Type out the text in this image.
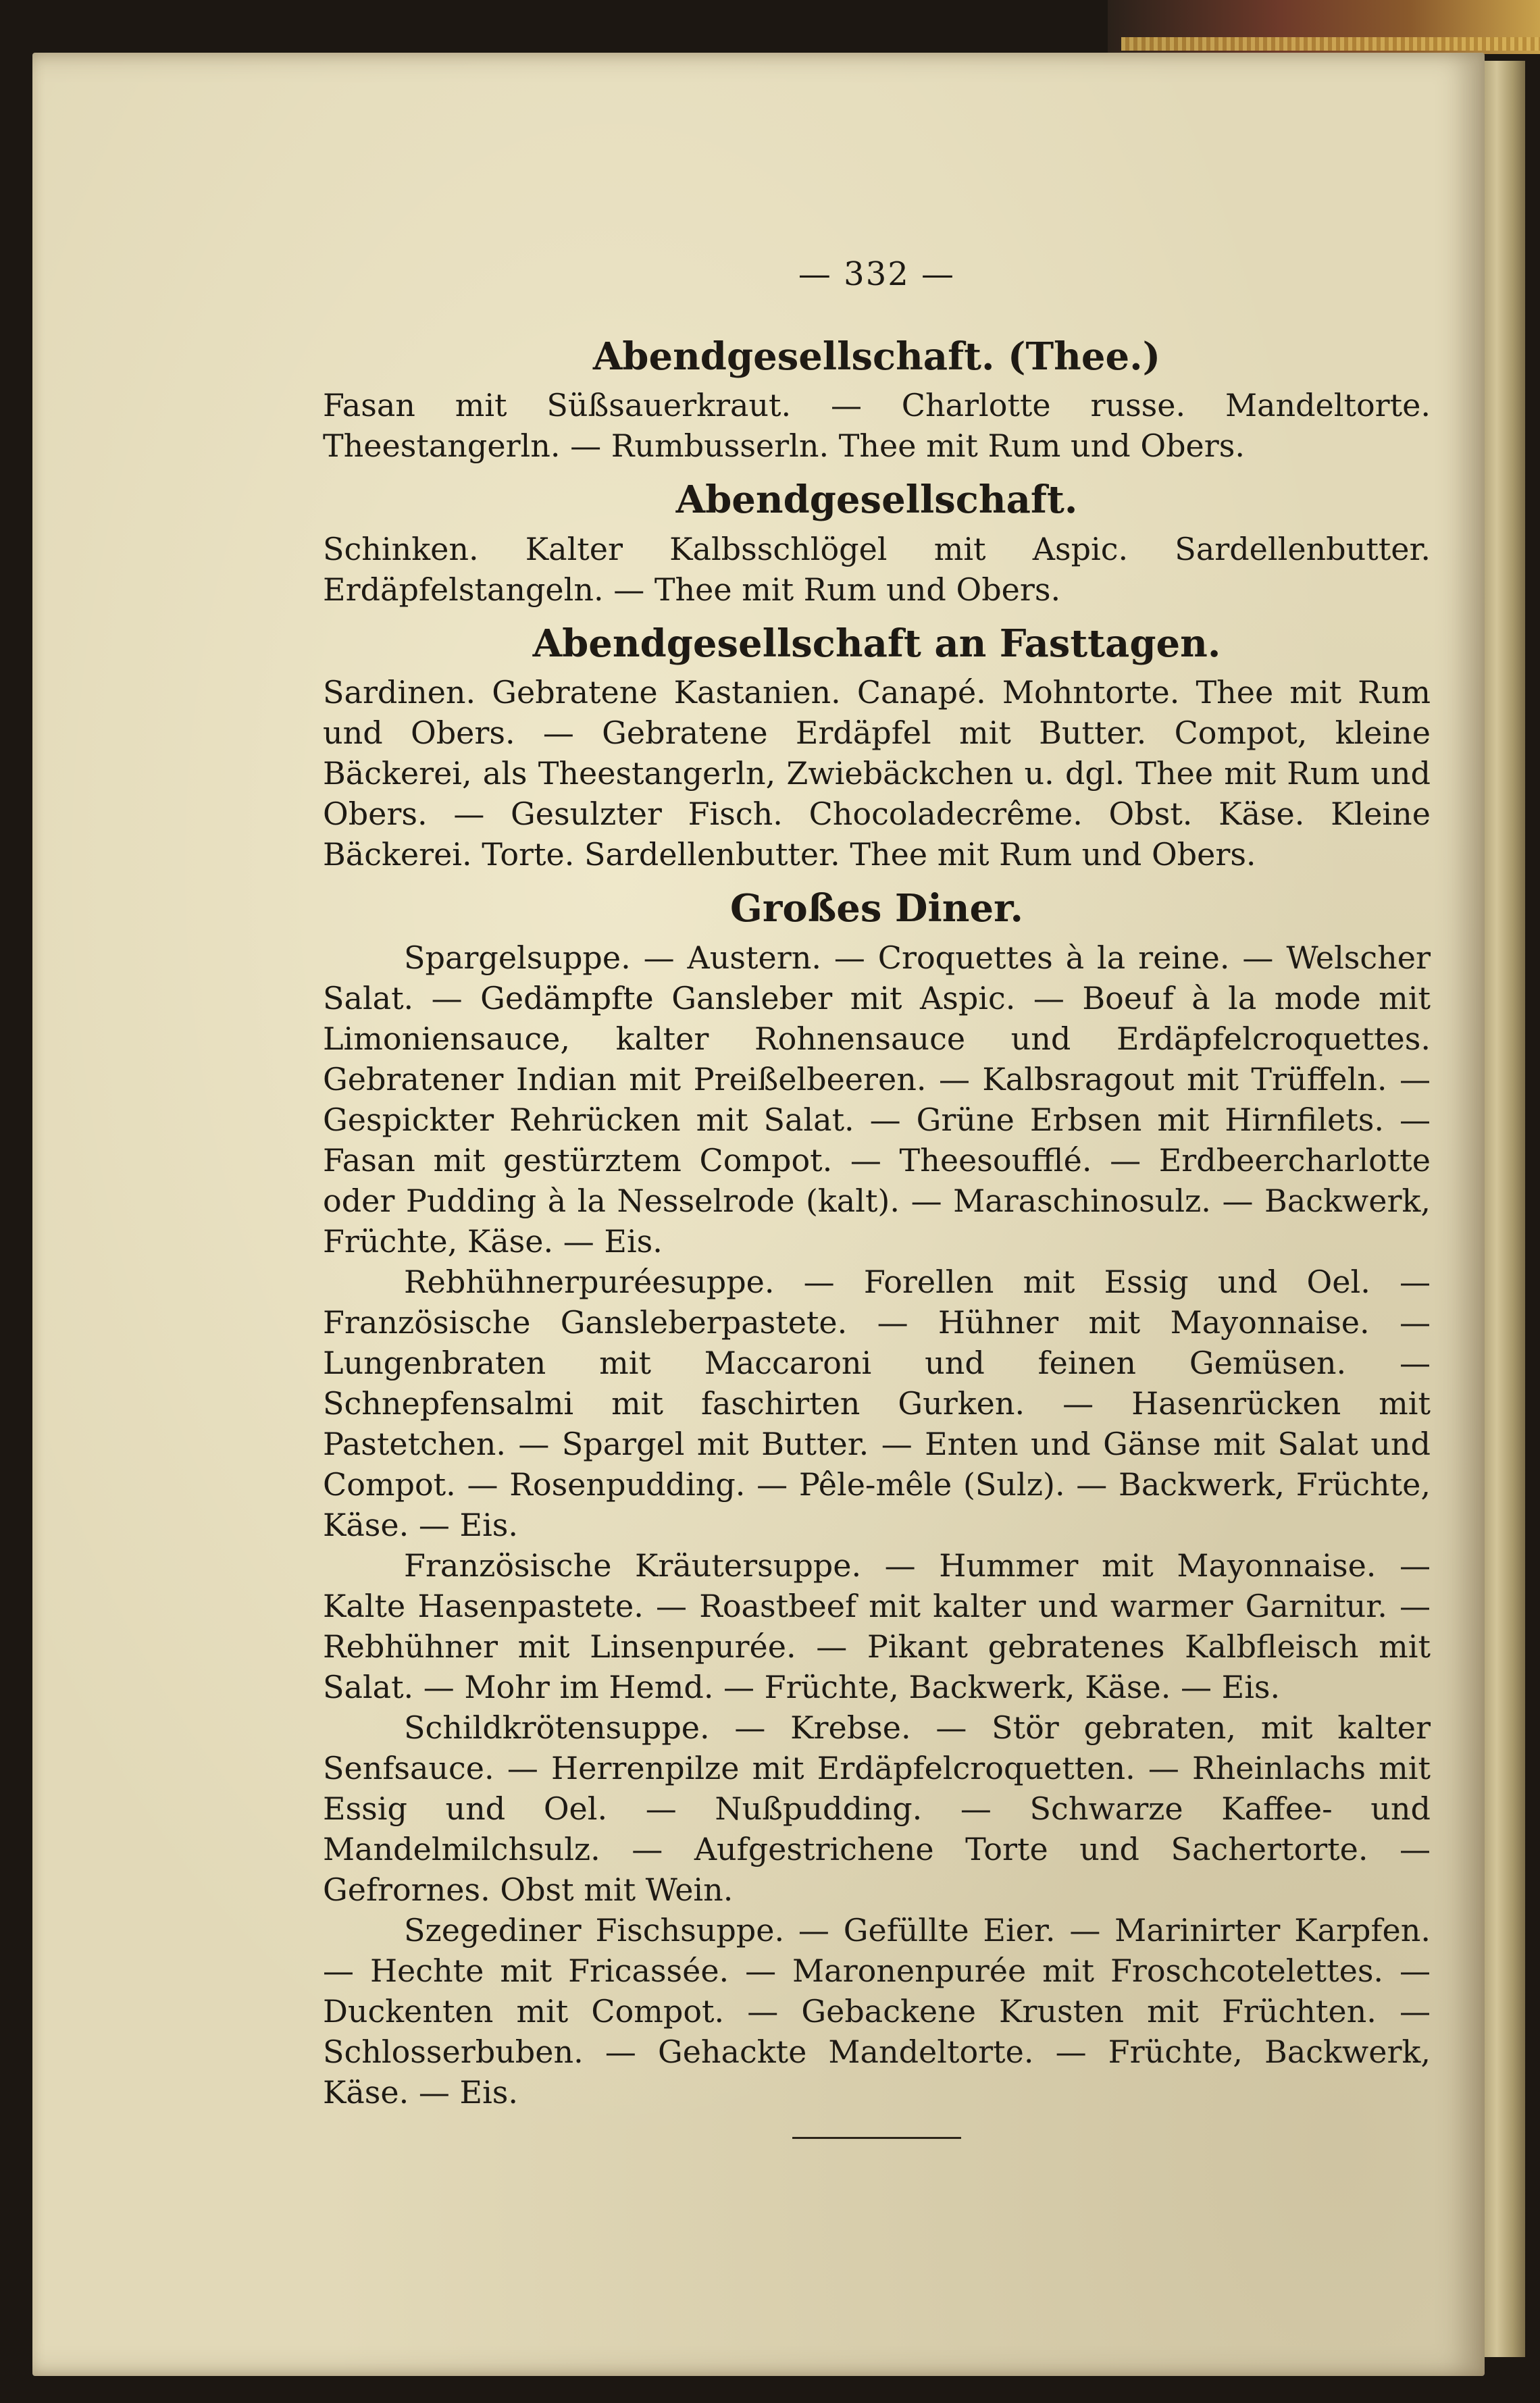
— 332 —
Abendgesellschaft. (Thee.)

Fasan mit Süßsauerkraut. — Charlotte russe. Mandeltorte. Theestangerln. — Rumbusserln. Thee mit Rum und Obers.

Abendgesellschaft.

Schinken. Kalter Kalbsschlögel mit Aspic. Sardellenbutter. Erdäpfelstangeln. — Thee mit Rum und Obers.

Abendgesellschaft an Fasttagen.

Sardinen. Gebratene Kastanien. Canapé. Mohntorte. Thee mit Rum und Obers. — Gebratene Erdäpfel mit Butter. Compot, kleine Bäckerei, als Theestangerln, Zwiebäckchen u. dgl. Thee mit Rum und Obers. — Gesulzter Fisch. Chocoladecrême. Obst. Käse. Kleine Bäckerei. Torte. Sardellenbutter. Thee mit Rum und Obers.

Großes Diner.

Spargelsuppe. — Austern. — Croquettes à la reine. — Welscher Salat. — Gedämpfte Gansleber mit Aspic. — Boeuf à la mode mit Limoniensauce, kalter Rohnensauce und Erdäpfelcroquettes. Gebratener Indian mit Preißelbeeren. — Kalbsragout mit Trüffeln. — Gespickter Rehrücken mit Salat. — Grüne Erbsen mit Hirnfilets. — Fasan mit gestürztem Compot. — Theesoufflé. — Erdbeercharlotte oder Pudding à la Nesselrode (kalt). — Maraschinosulz. — Backwerk, Früchte, Käse. — Eis.

Rebhühnerpuréesuppe. — Forellen mit Essig und Oel. — Französische Gansleberpastete. — Hühner mit Mayonnaise. — Lungenbraten mit Maccaroni und feinen Gemüsen. — Schnepfensalmi mit faschirten Gurken. — Hasenrücken mit Pastetchen. — Spargel mit Butter. — Enten und Gänse mit Salat und Compot. — Rosenpudding. — Pêle-mêle (Sulz). — Backwerk, Früchte, Käse. — Eis.

Französische Kräutersuppe. — Hummer mit Mayonnaise. — Kalte Hasenpastete. — Roastbeef mit kalter und warmer Garnitur. — Rebhühner mit Linsenpurée. — Pikant gebratenes Kalbfleisch mit Salat. — Mohr im Hemd. — Früchte, Backwerk, Käse. — Eis.

Schildkrötensuppe. — Krebse. — Stör gebraten, mit kalter Senfsauce. — Herrenpilze mit Erdäpfelcroquetten. — Rheinlachs mit Essig und Oel. — Nußpudding. — Schwarze Kaffee- und Mandelmilchsulz. — Aufgestrichene Torte und Sachertorte. — Gefrornes. Obst mit Wein.

Szegediner Fischsuppe. — Gefüllte Eier. — Marinirter Karpfen. — Hechte mit Fricassée. — Maronenpurée mit Froschcotelettes. — Duckenten mit Compot. — Gebackene Krusten mit Früchten. — Schlosserbuben. — Gehackte Mandeltorte. — Früchte, Backwerk, Käse. — Eis.
